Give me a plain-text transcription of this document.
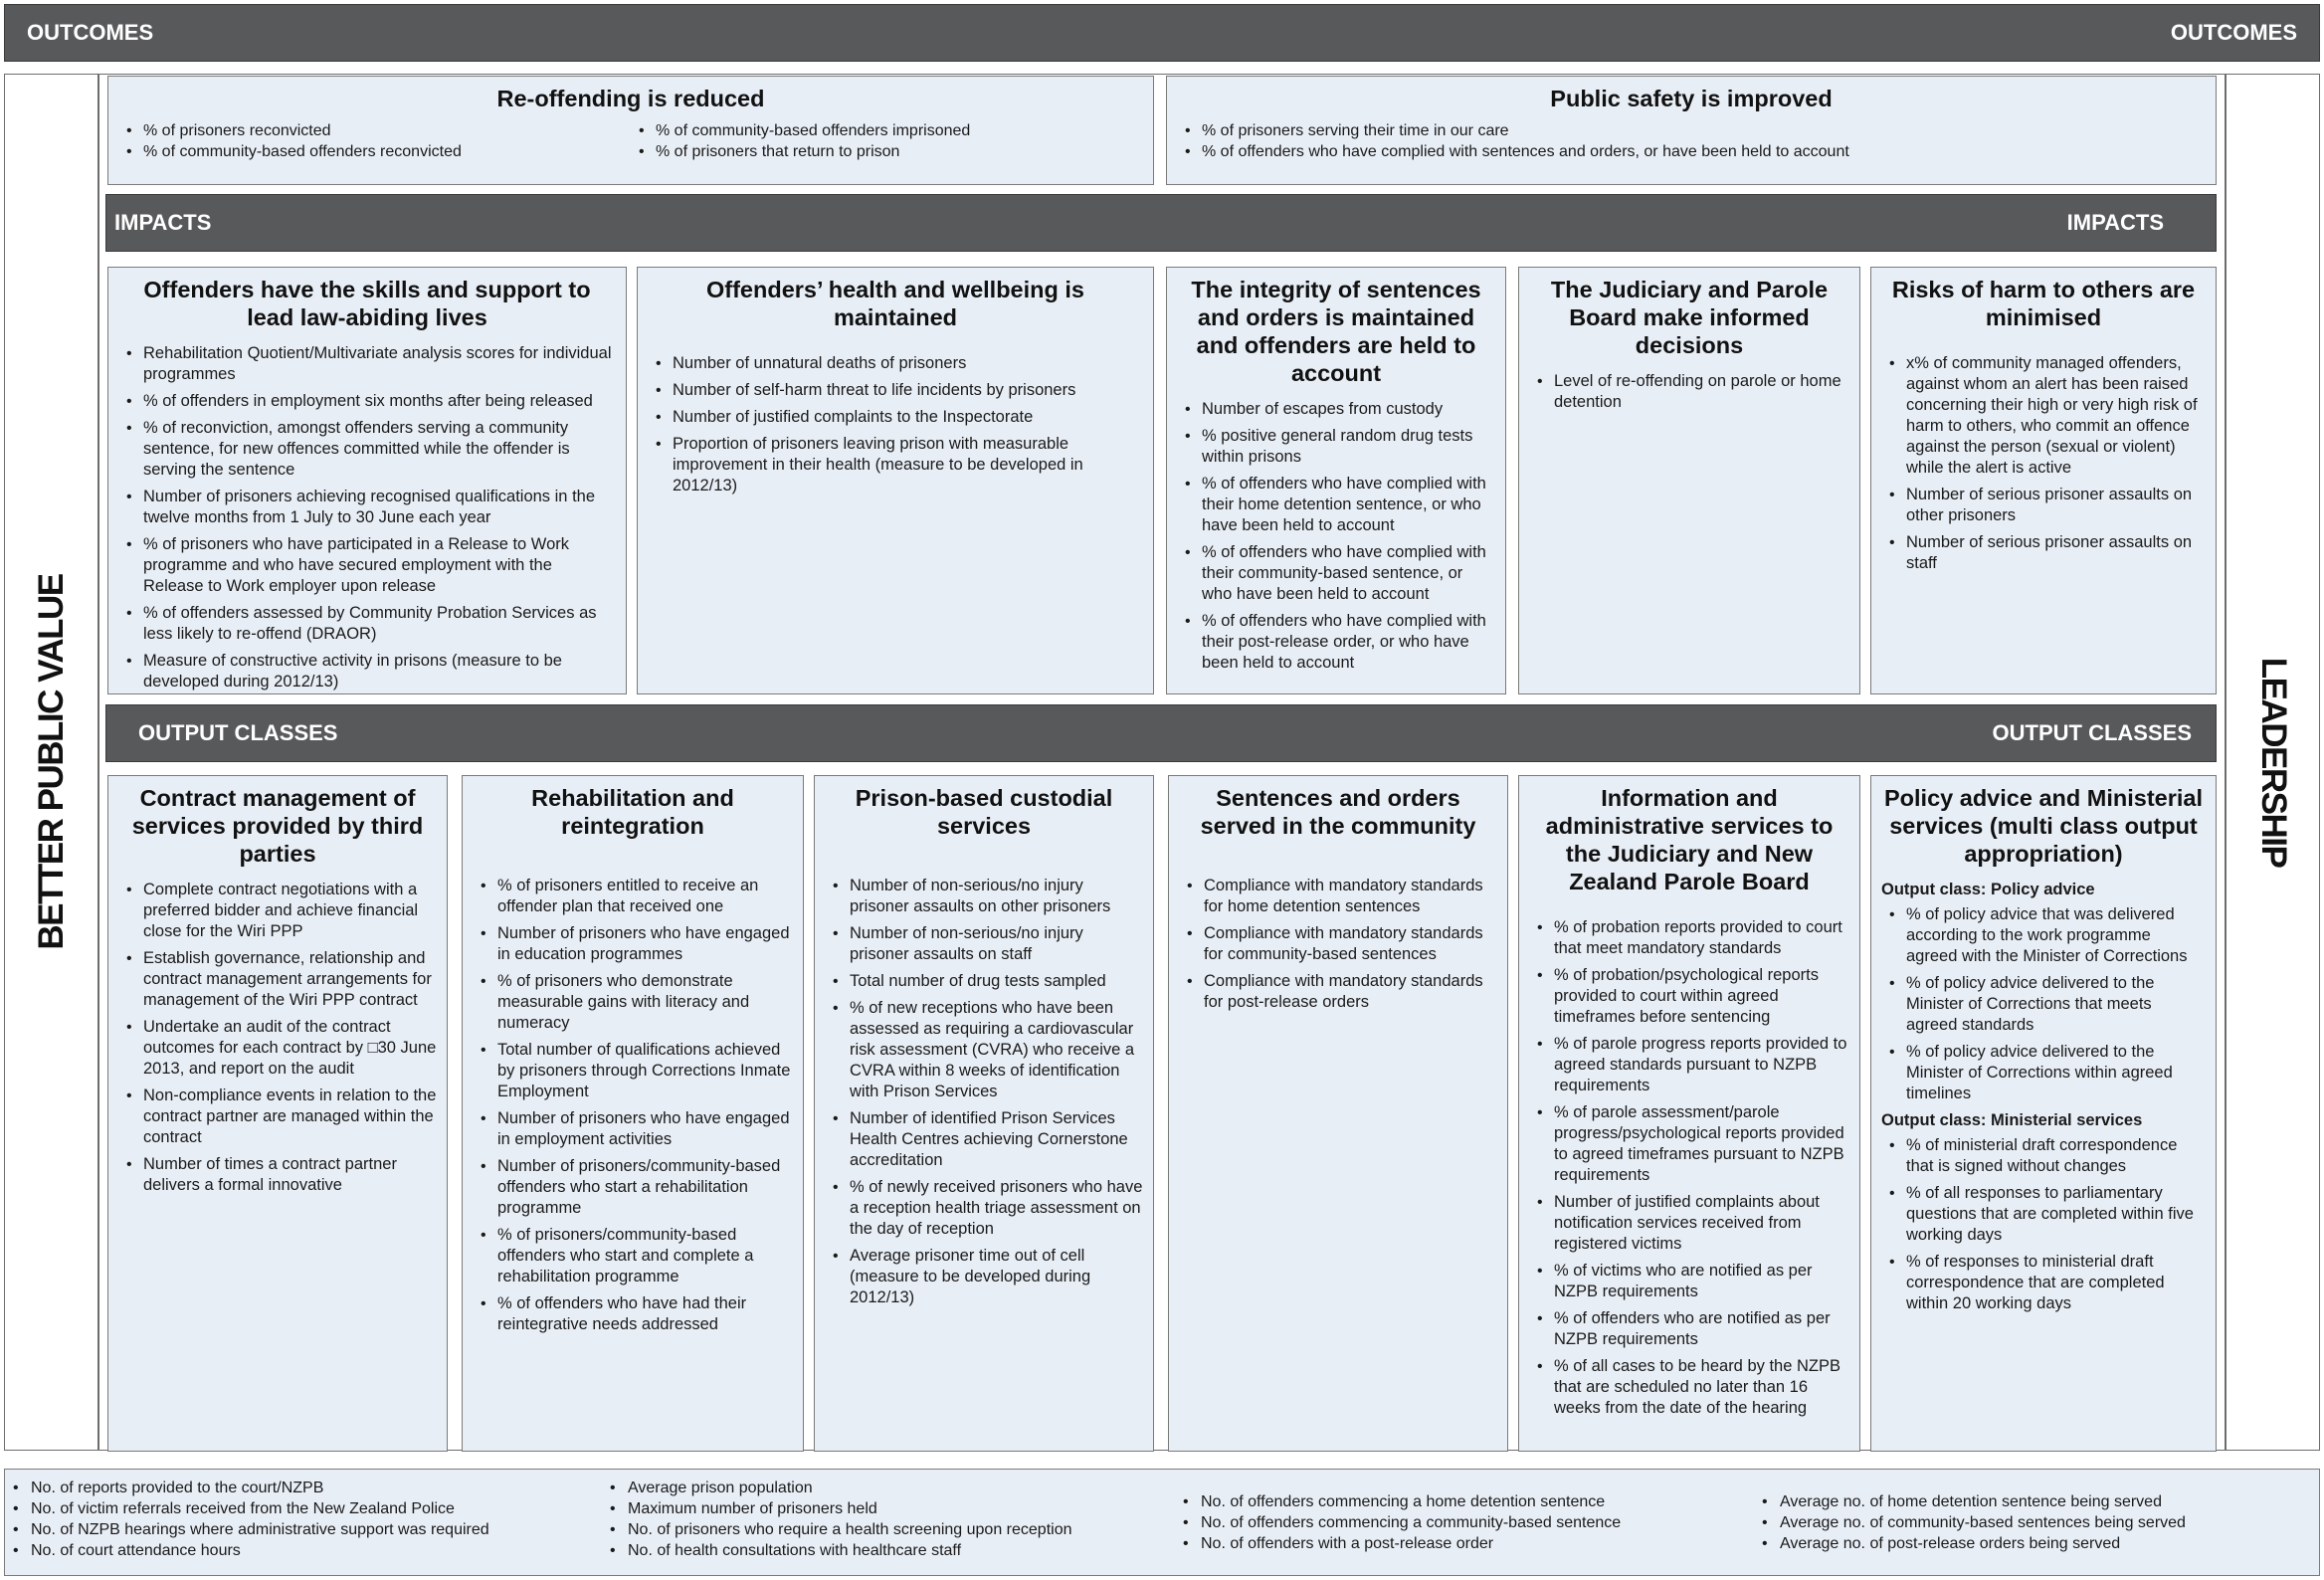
OUTCOMES	OUTCOMES
BETTER PUBLIC VALUE	LEADERSHIP
Re-offending is reduced
• % of prisoners reconvicted
• % of community-based offenders reconvicted
• % of community-based offenders imprisoned
• % of prisoners that return to prison
Public safety is improved
• % of prisoners serving their time in our care
• % of offenders who have complied with sentences and orders, or have been held to account
IMPACTS	IMPACTS
Offenders have the skills and support to lead law-abiding lives
• Rehabilitation Quotient/Multivariate analysis scores for individual programmes
• % of offenders in employment six months after being released
• % of reconviction, amongst offenders serving a community sentence, for new offences committed while the offender is serving the sentence
• Number of prisoners achieving recognised qualifications in the twelve months from 1 July to 30 June each year
• % of prisoners who have participated in a Release to Work programme and who have secured employment with the Release to Work employer upon release
• % of offenders assessed by Community Probation Services as less likely to re-offend (DRAOR)
• Measure of constructive activity in prisons (measure to be developed during 2012/13)
Offenders’ health and wellbeing is maintained
• Number of unnatural deaths of prisoners
• Number of self-harm threat to life incidents by prisoners
• Number of justified complaints to the Inspectorate
• Proportion of prisoners leaving prison with measurable improvement in their health (measure to be developed in 2012/13)
The integrity of sentences and orders is maintained and offenders are held to account
• Number of escapes from custody
• % positive general random drug tests within prisons
• % of offenders who have complied with their home detention sentence, or who have been held to account
• % of offenders who have complied with their community-based sentence, or who have been held to account
• % of offenders who have complied with their post-release order, or who have been held to account
The Judiciary and Parole Board make informed decisions
• Level of re-offending on parole or home detention
Risks of harm to others are minimised
• x% of community managed offenders, against whom an alert has been raised concerning their high or very high risk of harm to others, who commit an offence against the person (sexual or violent) while the alert is active
• Number of serious prisoner assaults on other prisoners
• Number of serious prisoner assaults on staff
OUTPUT CLASSES	OUTPUT CLASSES
Contract management of services provided by third parties
• Complete contract negotiations with a preferred bidder and achieve financial close for the Wiri PPP
• Establish governance, relationship and contract management arrangements for management of the Wiri PPP contract
• Undertake an audit of the contract outcomes for each contract by □30 June 2013, and report on the audit
• Non-compliance events in relation to the contract partner are managed within the contract
• Number of times a contract partner delivers a formal innovative
Rehabilitation and reintegration
• % of prisoners entitled to receive an offender plan that received one
• Number of prisoners who have engaged in education programmes
• % of prisoners who demonstrate measurable gains with literacy and numeracy
• Total number of qualifications achieved by prisoners through Corrections Inmate Employment
• Number of prisoners who have engaged in employment activities
• Number of prisoners/community-based offenders who start a rehabilitation programme
• % of prisoners/community-based offenders who start and complete a rehabilitation programme
• % of offenders who have had their reintegrative needs addressed
Prison-based custodial services
• Number of non-serious/no injury prisoner assaults on other prisoners
• Number of non-serious/no injury prisoner assaults on staff
• Total number of drug tests sampled
• % of new receptions who have been assessed as requiring a cardiovascular risk assessment (CVRA) who receive a CVRA within 8 weeks of identification with Prison Services
• Number of identified Prison Services Health Centres achieving Cornerstone accreditation
• % of newly received prisoners who have a reception health triage assessment on the day of reception
• Average prisoner time out of cell (measure to be developed during 2012/13)
Sentences and orders served in the community
• Compliance with mandatory standards for home detention sentences
• Compliance with mandatory standards for community-based sentences
• Compliance with mandatory standards for post-release orders
Information and administrative services to the Judiciary and New Zealand Parole Board
• % of probation reports provided to court that meet mandatory standards
• % of probation/psychological reports provided to court within agreed timeframes before sentencing
• % of parole progress reports provided to agreed standards pursuant to NZPB requirements
• % of parole assessment/parole progress/psychological reports provided to agreed timeframes pursuant to NZPB requirements
• Number of justified complaints about notification services received from registered victims
• % of victims who are notified as per NZPB requirements
• % of offenders who are notified as per NZPB requirements
• % of all cases to be heard by the NZPB that are scheduled no later than 16 weeks from the date of the hearing
Policy advice and Ministerial services (multi class output appropriation)
Output class: Policy advice
• % of policy advice that was delivered according to the work programme agreed with the Minister of Corrections
• % of policy advice delivered to the Minister of Corrections that meets agreed standards
• % of policy advice delivered to the Minister of Corrections within agreed timelines
Output class: Ministerial services
• % of ministerial draft correspondence that is signed without changes
• % of all responses to parliamentary questions that are completed within five working days
• % of responses to ministerial draft correspondence that are completed within 20 working days
• No. of reports provided to the court/NZPB
• No. of victim referrals received from the New Zealand Police
• No. of NZPB hearings where administrative support was required
• No. of court attendance hours
• Average prison population
• Maximum number of prisoners held
• No. of prisoners who require a health screening upon reception
• No. of health consultations with healthcare staff
• No. of offenders commencing a home detention sentence
• No. of offenders commencing a community-based sentence
• No. of offenders with a post-release order
• Average no. of home detention sentence being served
• Average no. of community-based sentences being served
• Average no. of post-release orders being served
